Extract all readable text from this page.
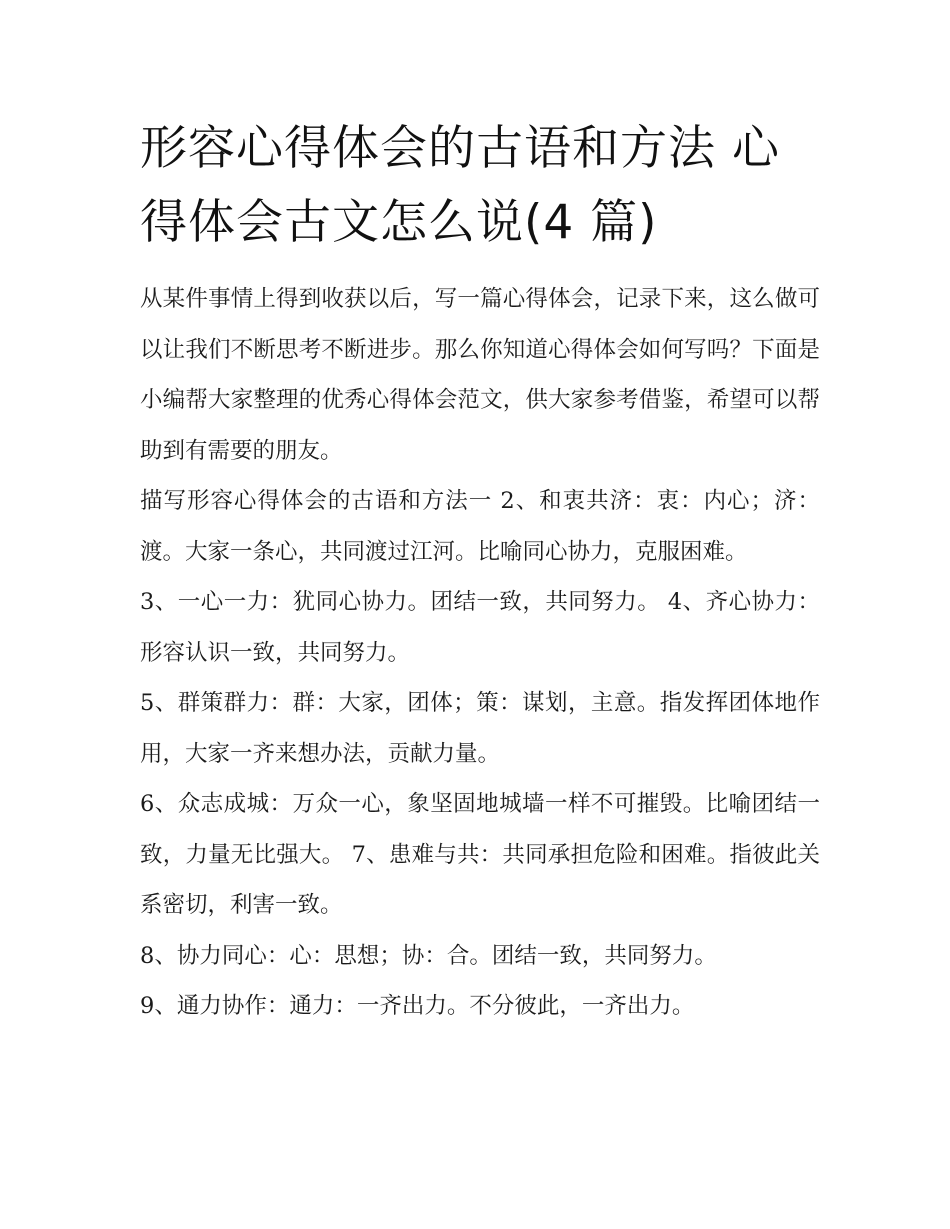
形容心得体会的古语和方法 心得体会古文怎么说(4 篇)

从某件事情上得到收获以后，写一篇心得体会，记录下来，这么做可以让我们不断思考不断进步。那么你知道心得体会如何写吗？下面是小编帮大家整理的优秀心得体会范文，供大家参考借鉴，希望可以帮助到有需要的朋友。

描写形容心得体会的古语和方法一 2、和衷共济：衷：内心；济：渡。大家一条心，共同渡过江河。比喻同心协力，克服困难。

3、一心一力：犹同心协力。团结一致，共同努力。 4、齐心协力：形容认识一致，共同努力。

5、群策群力：群：大家，团体；策：谋划，主意。指发挥团体地作用，大家一齐来想办法，贡献力量。

6、众志成城：万众一心，象坚固地城墙一样不可摧毁。比喻团结一致，力量无比强大。 7、患难与共：共同承担危险和困难。指彼此关系密切，利害一致。

8、协力同心：心：思想；协：合。团结一致，共同努力。

9、通力协作：通力：一齐出力。不分彼此，一齐出力。
